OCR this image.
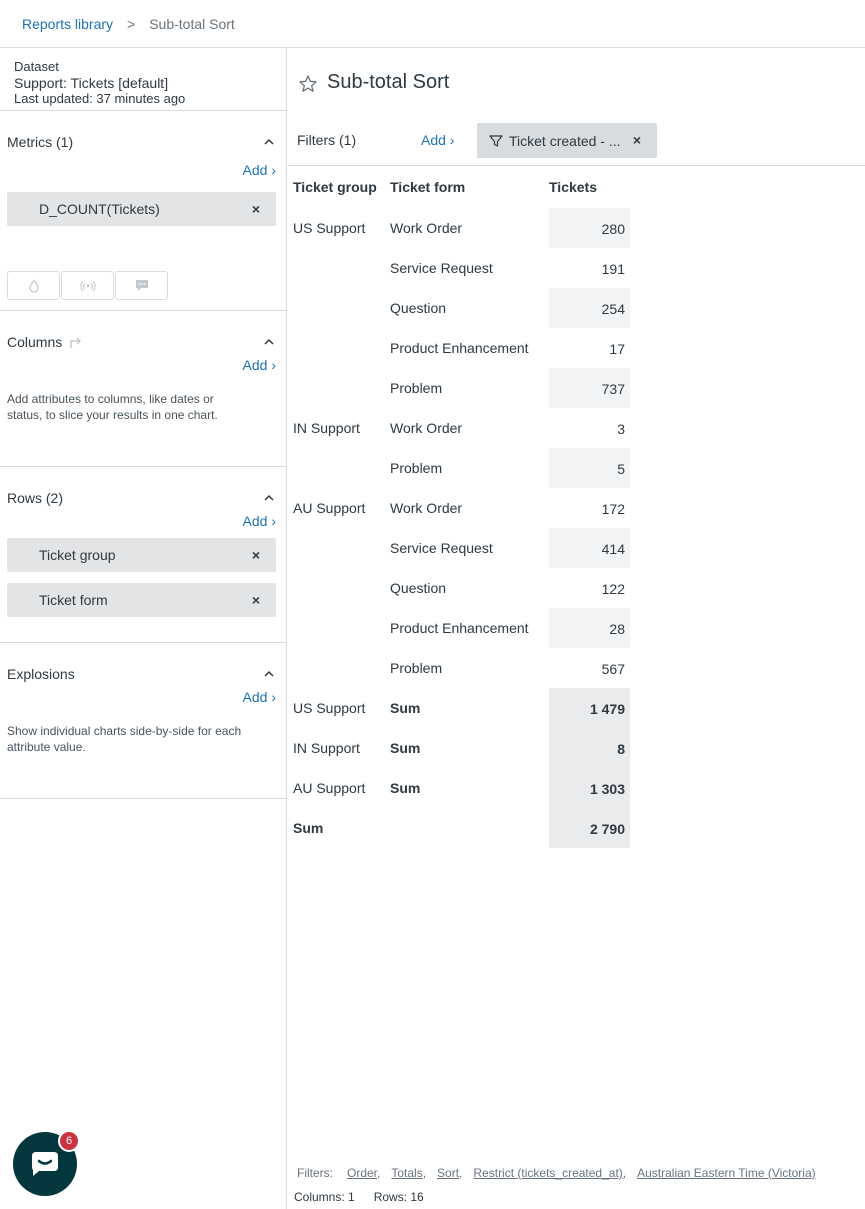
Reports library > Sub-total Sort
Dataset
Support: Tickets [default]
Last updated: 37 minutes ago
Metrics (1)
Add ›
D_COUNT(Tickets)	×
Columns
Add ›
Add attributes to columns, like dates or status, to slice your results in one chart.
Rows (2)
Add ›
Ticket group	×
Ticket form	×
Explosions
Add ›
Show individual charts side-by-side for each attribute value.
Sub-total Sort
Filters (1)	Add ›	Ticket created - ... ×
Ticket group	Ticket form	Tickets
US Support	Work Order	280
	Service Request	191
	Question	254
	Product Enhancement	17
	Problem	737
IN Support	Work Order	3
	Problem	5
AU Support	Work Order	172
	Service Request	414
	Question	122
	Product Enhancement	28
	Problem	567
US Support	Sum	1 479
IN Support	Sum	8
AU Support	Sum	1 303
Sum		2 790
Filters: Order, Totals, Sort, Restrict (tickets_created_at), Australian Eastern Time (Victoria)
Columns: 1 Rows: 16
6
